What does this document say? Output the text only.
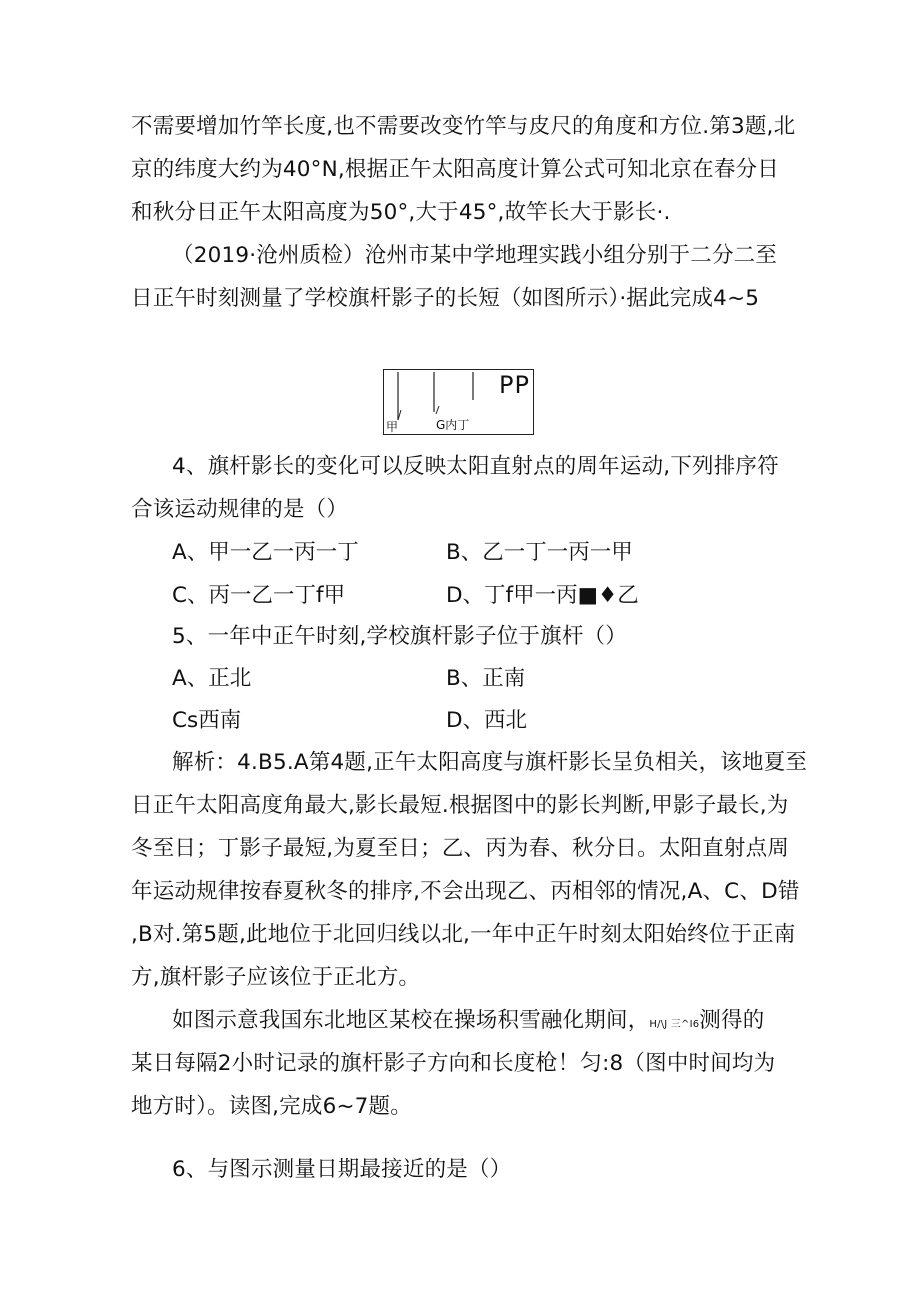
不需要增加竹竿长度,也不需要改变竹竿与皮尺的角度和方位.第3题,北
京的纬度大约为40°N,根据正午太阳高度计算公式可知北京在春分日
和秋分日正午太阳高度为50°,大于45°,故竿长大于影长·.
（2019·沧州质检）沧州市某中学地理实践小组分别于二分二至
日正午时刻测量了学校旗杆影子的长短（如图所示）·据此完成4~5
甲	G内丁
PP
4、旗杆影长的变化可以反映太阳直射点的周年运动,下列排序符
合该运动规律的是（）
A、甲一乙一丙一丁	B、乙一丁一丙一甲
C、丙一乙一丁f甲	D、丁f甲一丙■♦乙
5、一年中正午时刻,学校旗杆影子位于旗杆（）
A、正北	B、正南
Cs西南	D、西北
解析：4.B5.A第4题,正午太阳高度与旗杆影长呈负相关，该地夏至
日正午太阳高度角最大,影长最短.根据图中的影长判断,甲影子最长,为
冬至日；丁影子最短,为夏至日；乙、丙为春、秋分日。太阳直射点周
年运动规律按春夏秋冬的排序,不会出现乙、丙相邻的情况,A、C、D错
,B对.第5题,此地位于北回归线以北,一年中正午时刻太阳始终位于正南
方,旗杆影子应该位于正北方。
如图示意我国东北地区某校在操场积雪融化期间，H/\J 三^I6测得的
某日每隔2小时记录的旗杆影子方向和长度枪！匀:8（图中时间均为
地方时）。读图,完成6~7题。
6、与图示测量日期最接近的是（）
